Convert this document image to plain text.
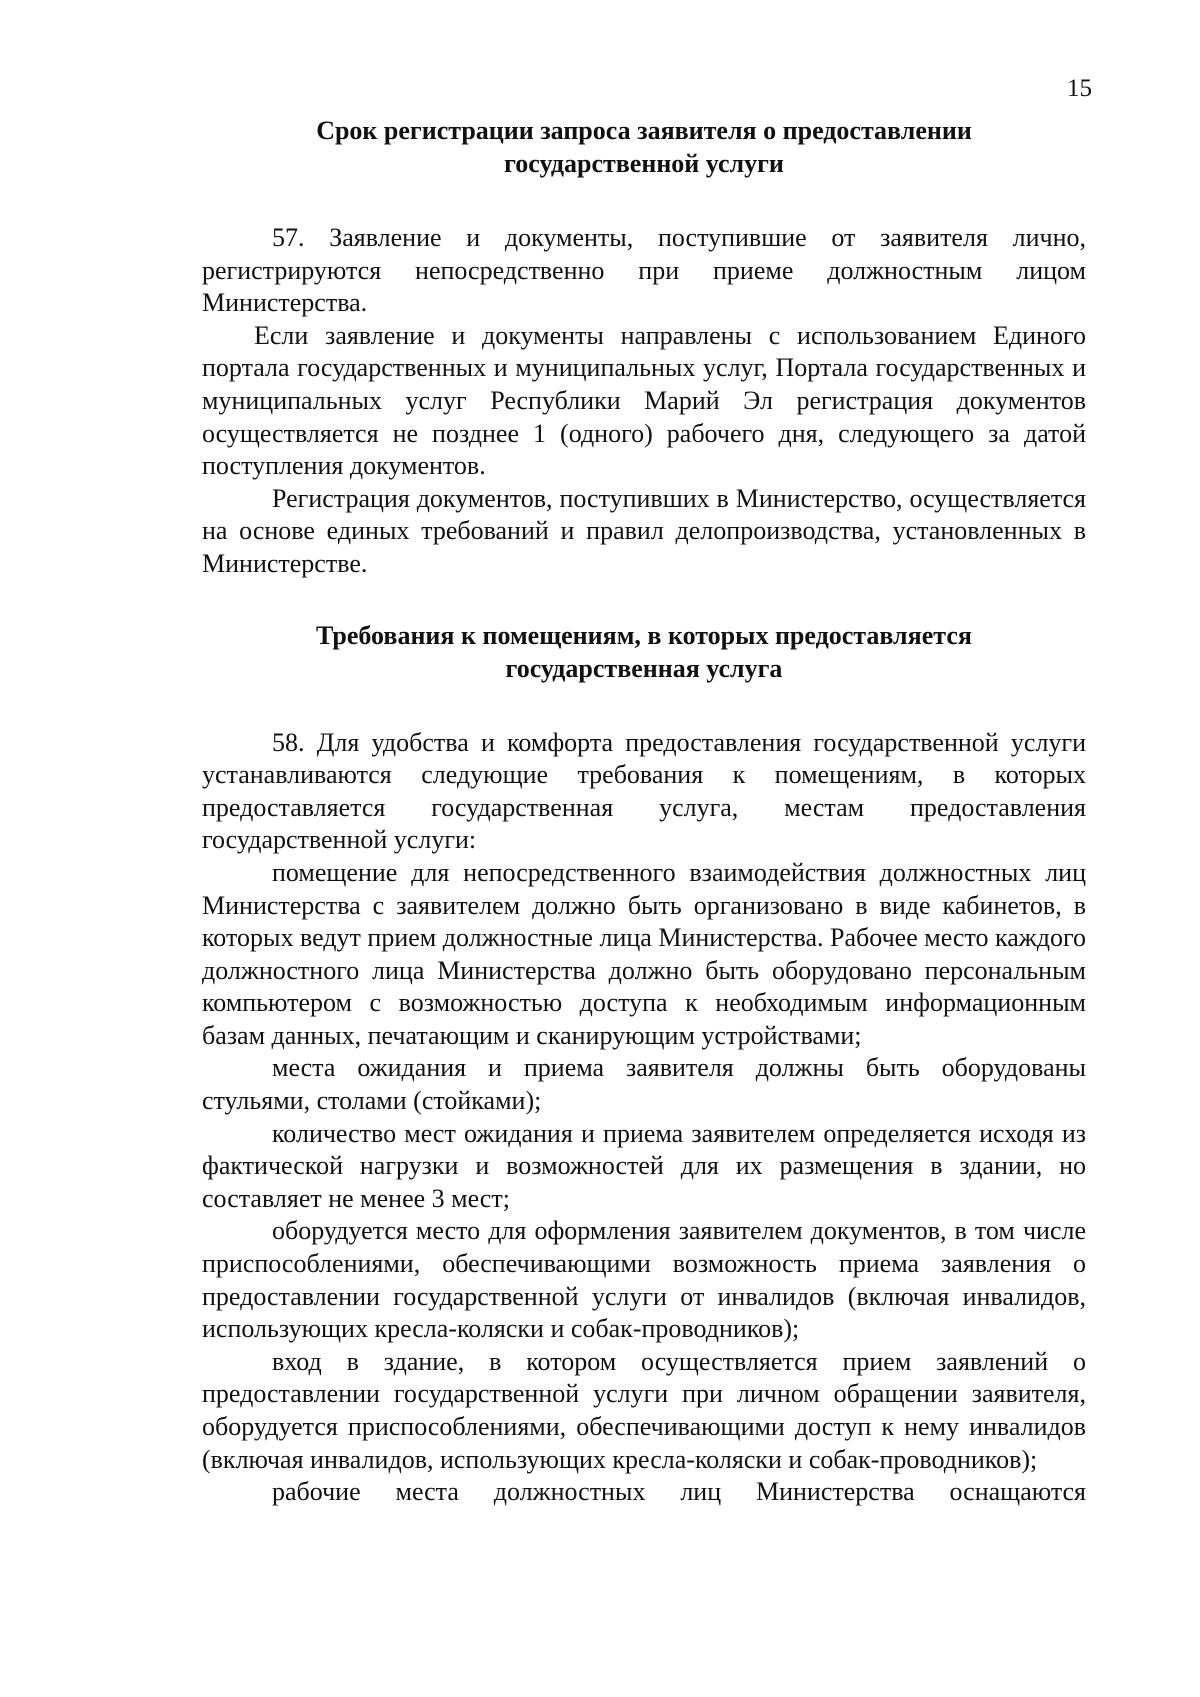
15
Срок регистрации запроса заявителя о предоставлении
государственной услуги

57. Заявление и документы, поступившие от заявителя лично, регистрируются непосредственно при приеме должностным лицом Министерства.

Если заявление и документы направлены с использованием Единого портала государственных и муниципальных услуг, Портала государственных и муниципальных услуг Республики Марий Эл регистрация документов осуществляется не позднее 1 (одного) рабочего дня, следующего за датой поступления документов.

Регистрация документов, поступивших в Министерство, осуществляется на основе единых требований и правил делопроизводства, установленных в Министерстве.

Требования к помещениям, в которых предоставляется
государственная услуга

58. Для удобства и комфорта предоставления государственной услуги устанавливаются следующие требования к помещениям, в которых предоставляется государственная услуга, местам предоставления государственной услуги:

помещение для непосредственного взаимодействия должностных лиц Министерства с заявителем должно быть организовано в виде кабинетов, в которых ведут прием должностные лица Министерства. Рабочее место каждого должностного лица Министерства должно быть оборудовано персональным компьютером с возможностью доступа к необходимым информационным базам данных, печатающим и сканирующим устройствами;

места ожидания и приема заявителя должны быть оборудованы стульями, столами (стойками);

количество мест ожидания и приема заявителем определяется исходя из фактической нагрузки и возможностей для их размещения в здании, но составляет не менее 3 мест;

оборудуется место для оформления заявителем документов, в том числе приспособлениями, обеспечивающими возможность приема заявления о предоставлении государственной услуги от инвалидов (включая инвалидов, использующих кресла-коляски и собак-проводников);

вход в здание, в котором осуществляется прием заявлений о предоставлении государственной услуги при личном обращении заявителя, оборудуется приспособлениями, обеспечивающими доступ к нему инвалидов (включая инвалидов, использующих кресла-коляски и собак-проводников);

рабочие места должностных лиц Министерства оснащаются
